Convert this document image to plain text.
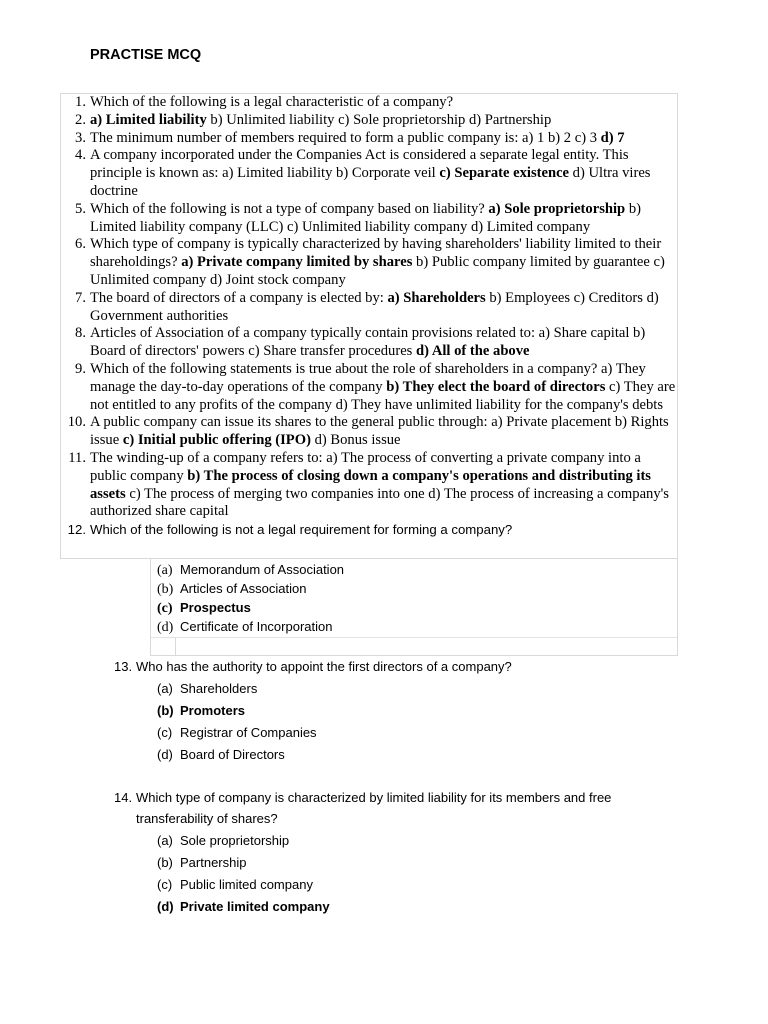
PRACTISE MCQ
1. Which of the following is a legal characteristic of a company?
2. a) Limited liability b) Unlimited liability c) Sole proprietorship d) Partnership
3. The minimum number of members required to form a public company is: a) 1 b) 2 c) 3 d) 7
4. A company incorporated under the Companies Act is considered a separate legal entity. This principle is known as: a) Limited liability b) Corporate veil c) Separate existence d) Ultra vires doctrine
5. Which of the following is not a type of company based on liability? a) Sole proprietorship b) Limited liability company (LLC) c) Unlimited liability company d) Limited company
6. Which type of company is typically characterized by having shareholders' liability limited to their shareholdings? a) Private company limited by shares b) Public company limited by guarantee c) Unlimited company d) Joint stock company
7. The board of directors of a company is elected by: a) Shareholders b) Employees c) Creditors d) Government authorities
8. Articles of Association of a company typically contain provisions related to: a) Share capital b) Board of directors' powers c) Share transfer procedures d) All of the above
9. Which of the following statements is true about the role of shareholders in a company? a) They manage the day-to-day operations of the company b) They elect the board of directors c) They are not entitled to any profits of the company d) They have unlimited liability for the company's debts
10. A public company can issue its shares to the general public through: a) Private placement b) Rights issue c) Initial public offering (IPO) d) Bonus issue
11. The winding-up of a company refers to: a) The process of converting a private company into a public company b) The process of closing down a company's operations and distributing its assets c) The process of merging two companies into one d) The process of increasing a company's authorized share capital
12. Which of the following is not a legal requirement for forming a company?
(a) Memorandum of Association
(b) Articles of Association
(c) Prospectus
(d) Certificate of Incorporation
13. Who has the authority to appoint the first directors of a company?
(a) Shareholders
(b) Promoters
(c) Registrar of Companies
(d) Board of Directors
14. Which type of company is characterized by limited liability for its members and free
transferability of shares?
(a) Sole proprietorship
(b) Partnership
(c) Public limited company
(d) Private limited company
